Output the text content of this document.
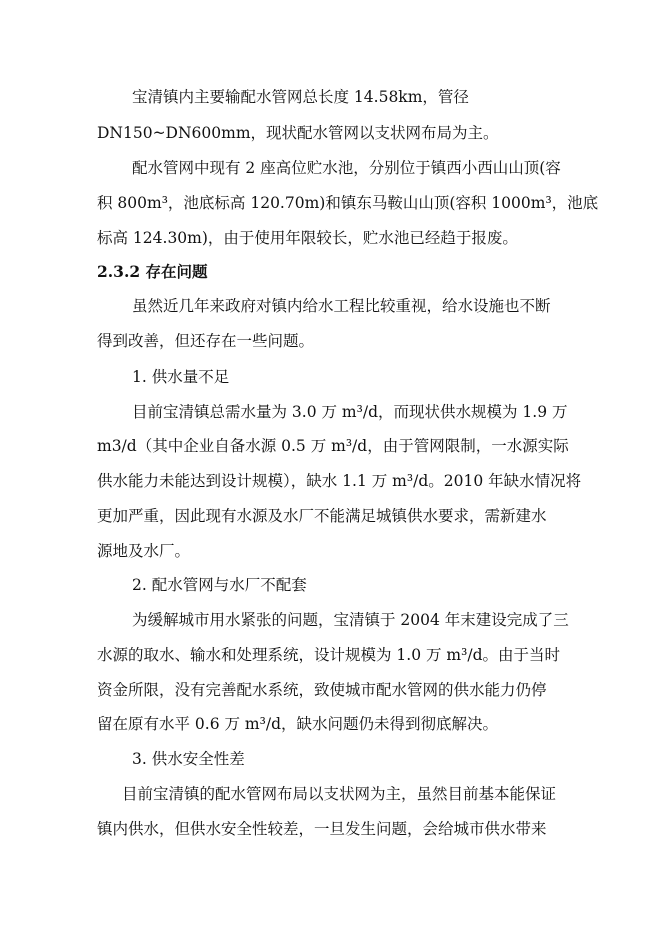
宝清镇内主要输配水管网总长度 14.58km，管径
DN150~DN600mm，现状配水管网以支状网布局为主。
配水管网中现有 2 座高位贮水池，分别位于镇西小西山山顶(容
积 800m³，池底标高 120.70m)和镇东马鞍山山顶(容积 1000m³，池底
标高 124.30m)，由于使用年限较长，贮水池已经趋于报废。
2.3.2 存在问题
虽然近几年来政府对镇内给水工程比较重视，给水设施也不断
得到改善，但还存在一些问题。
1. 供水量不足
目前宝清镇总需水量为 3.0 万 m³/d，而现状供水规模为 1.9 万
m3/d（其中企业自备水源 0.5 万 m³/d，由于管网限制，一水源实际
供水能力未能达到设计规模），缺水 1.1 万 m³/d。2010 年缺水情况将
更加严重，因此现有水源及水厂不能满足城镇供水要求，需新建水
源地及水厂。
2. 配水管网与水厂不配套
为缓解城市用水紧张的问题，宝清镇于 2004 年末建设完成了三
水源的取水、输水和处理系统，设计规模为 1.0 万 m³/d。由于当时
资金所限，没有完善配水系统，致使城市配水管网的供水能力仍停
留在原有水平 0.6 万 m³/d，缺水问题仍未得到彻底解决。
3. 供水安全性差
目前宝清镇的配水管网布局以支状网为主，虽然目前基本能保证
镇内供水，但供水安全性较差，一旦发生问题，会给城市供水带来
